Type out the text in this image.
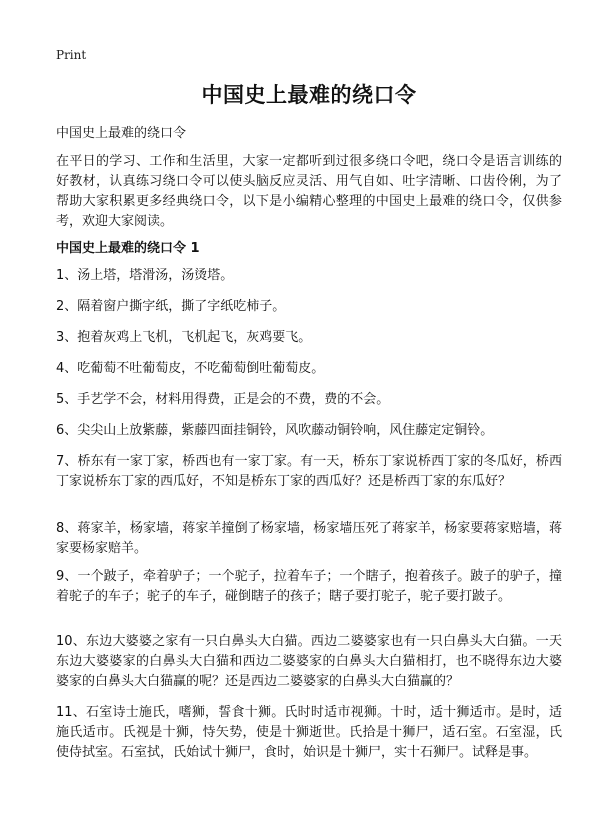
Print
中国史上最难的绕口令
中国史上最难的绕口令
在平日的学习、工作和生活里，大家一定都听到过很多绕口令吧，绕口令是语言训练的好教材，认真练习绕口令可以使头脑反应灵活、用气自如、吐字清晰、口齿伶俐，为了帮助大家积累更多经典绕口令，以下是小编精心整理的中国史上最难的绕口令，仅供参考，欢迎大家阅读。
中国史上最难的绕口令 1
1、汤上塔，塔滑汤，汤烫塔。
2、隔着窗户撕字纸，撕了字纸吃柿子。
3、抱着灰鸡上飞机，飞机起飞，灰鸡要飞。
4、吃葡萄不吐葡萄皮，不吃葡萄倒吐葡萄皮。
5、手艺学不会，材料用得费，正是会的不费，费的不会。
6、尖尖山上放紫藤，紫藤四面挂铜铃，风吹藤动铜铃响，风住藤定定铜铃。
7、桥东有一家丁家，桥西也有一家丁家。有一天，桥东丁家说桥西丁家的冬瓜好，桥西丁家说桥东丁家的西瓜好，不知是桥东丁家的西瓜好？还是桥西丁家的东瓜好？
8、蒋家羊，杨家墙，蒋家羊撞倒了杨家墙，杨家墙压死了蒋家羊，杨家要蒋家赔墙，蒋家要杨家赔羊。
9、一个跛子，牵着驴子；一个驼子，拉着车子；一个瞎子，抱着孩子。跛子的驴子，撞着驼子的车子；驼子的车子，碰倒瞎子的孩子；瞎子要打驼子，驼子要打跛子。
10、东边大婆婆之家有一只白鼻头大白猫。西边二婆婆家也有一只白鼻头大白猫。一天东边大婆婆家的白鼻头大白猫和西边二婆婆家的白鼻头大白猫相打，也不晓得东边大婆婆家的白鼻头大白猫赢的呢？还是西边二婆婆家的白鼻头大白猫赢的？
11、石室诗士施氏，嗜狮，誓食十狮。氏时时适市视狮。十时，适十狮适市。是时，适施氏适市。氏视是十狮，恃矢势，使是十狮逝世。氏拾是十狮尸，适石室。石室湿，氏使侍拭室。石室拭，氏始试十狮尸，食时，始识是十狮尸，实十石狮尸。试释是事。
